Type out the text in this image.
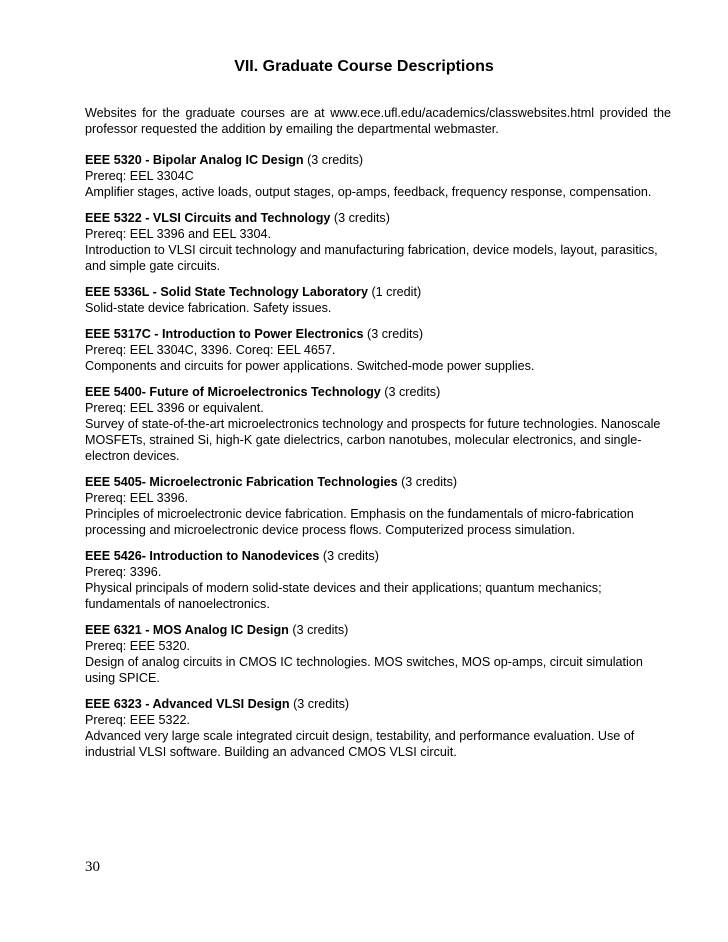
VII. Graduate Course Descriptions

Websites for the graduate courses are at www.ece.ufl.edu/academics/classwebsites.html provided the professor requested the addition by emailing the departmental webmaster.

EEE 5320 - Bipolar Analog IC Design (3 credits)
Prereq: EEL 3304C
Amplifier stages, active loads, output stages, op-amps, feedback, frequency response, compensation.
EEE 5322 - VLSI Circuits and Technology (3 credits)
Prereq: EEL 3396 and EEL 3304.
Introduction to VLSI circuit technology and manufacturing fabrication, device models, layout, parasitics, and simple gate circuits.
EEE 5336L - Solid State Technology Laboratory (1 credit)
Solid-state device fabrication. Safety issues.
EEE 5317C - Introduction to Power Electronics (3 credits)
Prereq: EEL 3304C, 3396. Coreq: EEL 4657.
Components and circuits for power applications. Switched-mode power supplies.
EEE 5400- Future of Microelectronics Technology (3 credits)
Prereq: EEL 3396 or equivalent.
Survey of state-of-the-art microelectronics technology and prospects for future technologies. Nanoscale MOSFETs, strained Si, high-K gate dielectrics, carbon nanotubes, molecular electronics, and single-electron devices.
EEE 5405- Microelectronic Fabrication Technologies (3 credits)
Prereq: EEL 3396.
Principles of microelectronic device fabrication. Emphasis on the fundamentals of micro-fabrication processing and microelectronic device process flows. Computerized process simulation.
EEE 5426- Introduction to Nanodevices (3 credits)
Prereq: 3396.
Physical principals of modern solid-state devices and their applications; quantum mechanics; fundamentals of nanoelectronics.
EEE 6321 - MOS Analog IC Design (3 credits)
Prereq: EEE 5320.
Design of analog circuits in CMOS IC technologies. MOS switches, MOS op-amps, circuit simulation using SPICE.
EEE 6323 - Advanced VLSI Design (3 credits)
Prereq: EEE 5322.
Advanced very large scale integrated circuit design, testability, and performance evaluation. Use of industrial VLSI software. Building an advanced CMOS VLSI circuit.
30
